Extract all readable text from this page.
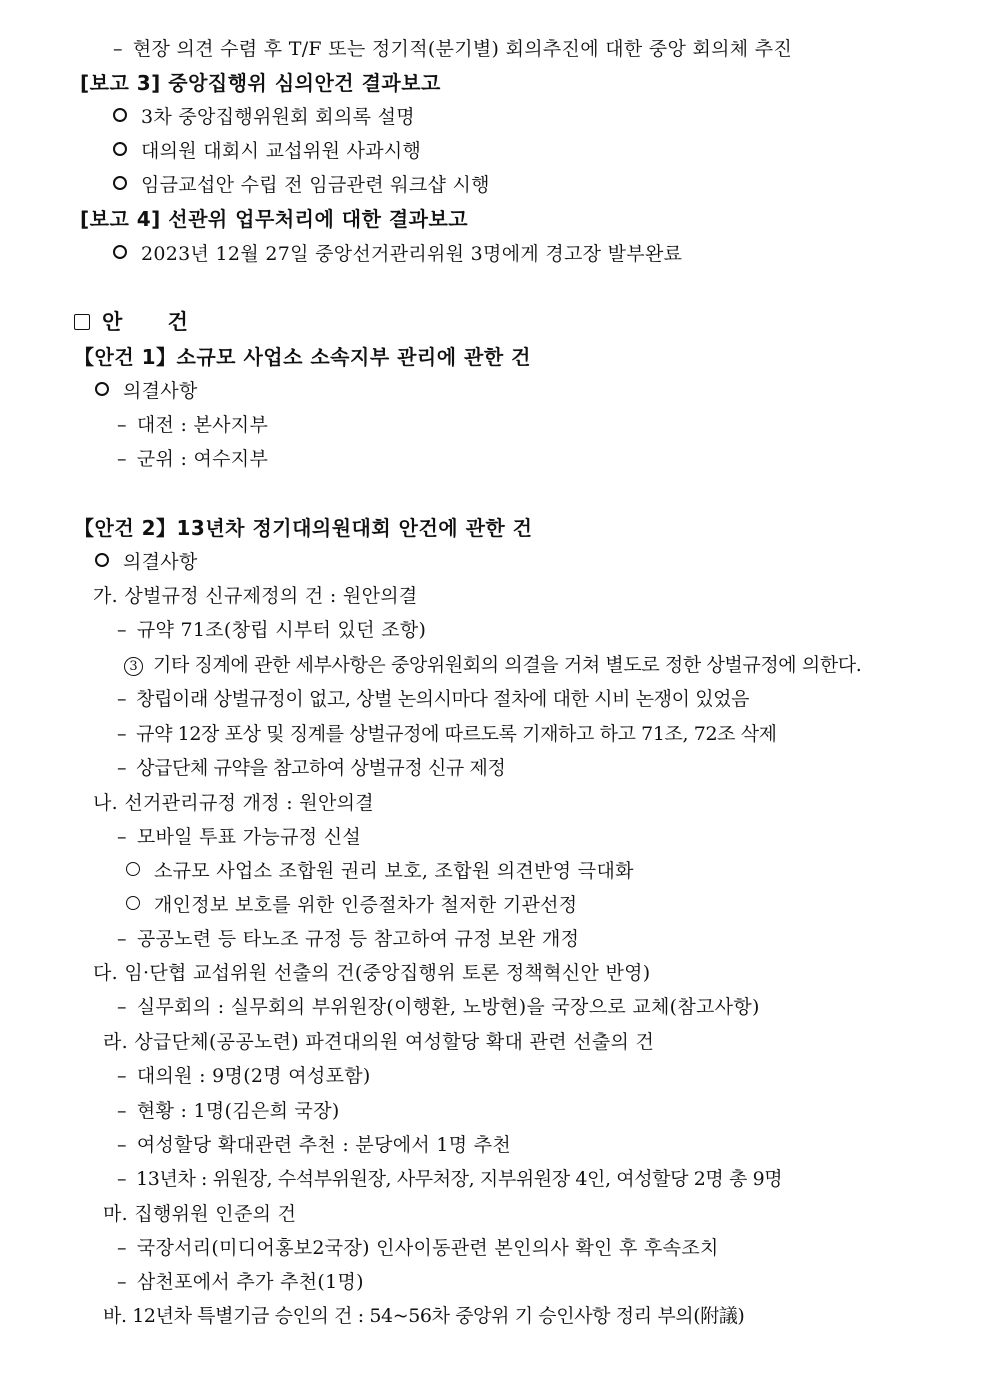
– 현장 의견 수렴 후 T/F 또는 정기적(분기별) 회의추진에 대한 중앙 회의체 추진
[보고 3] 중앙집행위 심의안건 결과보고
3차 중앙집행위원회 회의록 설명
대의원 대회시 교섭위원 사과시행
임금교섭안 수립 전 임금관련 워크샵 시행
[보고 4] 선관위 업무처리에 대한 결과보고
2023년 12월 27일 중앙선거관리위원 3명에게 경고장 발부완료
안 건
【안건 1】소규모 사업소 소속지부 관리에 관한 건
의결사항
– 대전 : 본사지부
– 군위 : 여수지부
【안건 2】13년차 정기대의원대회 안건에 관한 건
의결사항
가. 상벌규정 신규제정의 건 : 원안의결
– 규약 71조(창립 시부터 있던 조항)
3 기타 징계에 관한 세부사항은 중앙위원회의 의결을 거쳐 별도로 정한 상벌규정에 의한다.
– 창립이래 상벌규정이 없고, 상벌 논의시마다 절차에 대한 시비 논쟁이 있었음
– 규약 12장 포상 및 징계를 상벌규정에 따르도록 기재하고 하고 71조, 72조 삭제
– 상급단체 규약을 참고하여 상벌규정 신규 제정
나. 선거관리규정 개정 : 원안의결
– 모바일 투표 가능규정 신설
소규모 사업소 조합원 권리 보호, 조합원 의견반영 극대화
개인정보 보호를 위한 인증절차가 철저한 기관선정
– 공공노련 등 타노조 규정 등 참고하여 규정 보완 개정
다. 임·단협 교섭위원 선출의 건(중앙집행위 토론 정책혁신안 반영)
– 실무회의 : 실무회의 부위원장(이행환, 노방현)을 국장으로 교체(참고사항)
라. 상급단체(공공노련) 파견대의원 여성할당 확대 관련 선출의 건
– 대의원 : 9명(2명 여성포함)
– 현황 : 1명(김은희 국장)
– 여성할당 확대관련 추천 : 분당에서 1명 추천
– 13년차 : 위원장, 수석부위원장, 사무처장, 지부위원장 4인, 여성할당 2명 총 9명
마. 집행위원 인준의 건
– 국장서리(미디어홍보2국장) 인사이동관련 본인의사 확인 후 후속조치
– 삼천포에서 추가 추천(1명)
바. 12년차 특별기금 승인의 건 : 54~56차 중앙위 기 승인사항 정리 부의(附議)
